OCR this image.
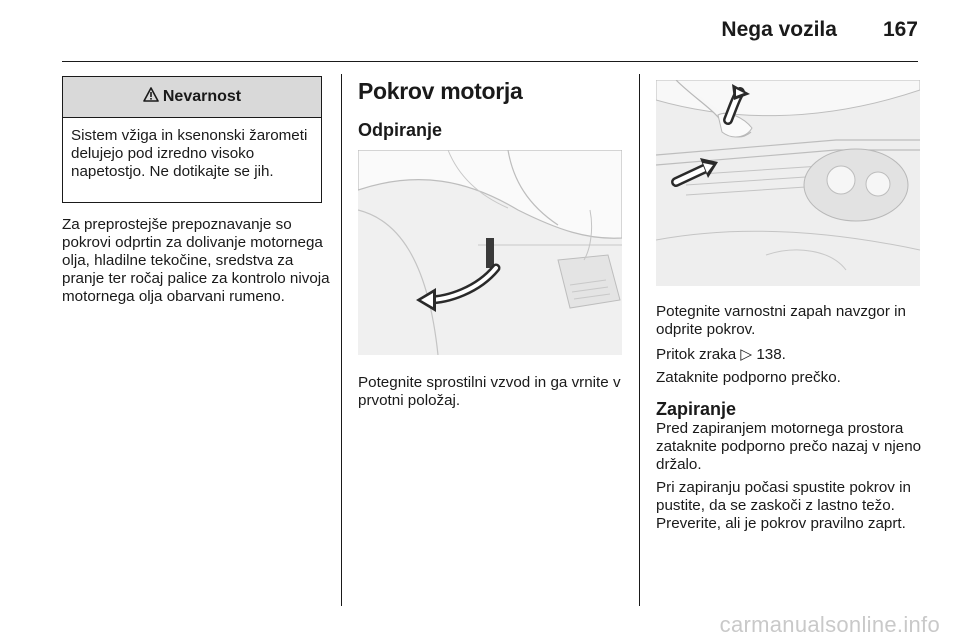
Nega vozila 167
Nevarnost
Sistem vžiga in ksenonski žarometi delujejo pod izredno visoko napetostjo. Ne dotikajte se jih.
Za preprostejše prepoznavanje so pokrovi odprtin za dolivanje motornega olja, hladilne tekočine, sredstva za pranje ter ročaj palice za kontrolo nivoja motornega olja obarvani rumeno.
Pokrov motorja
Odpiranje
Potegnite sprostilni vzvod in ga vrnite v prvotni položaj.
Potegnite varnostni zapah navzgor in odprite pokrov.
Pritok zraka ▷ 138.
Zataknite podporno prečko.
Zapiranje
Pred zapiranjem motornega prostora zataknite podporno prečo nazaj v njeno držalo.
Pri zapiranju počasi spustite pokrov in pustite, da se zaskoči z lastno težo. Preverite, ali je pokrov pravilno zaprt.
carmanualsonline.info
